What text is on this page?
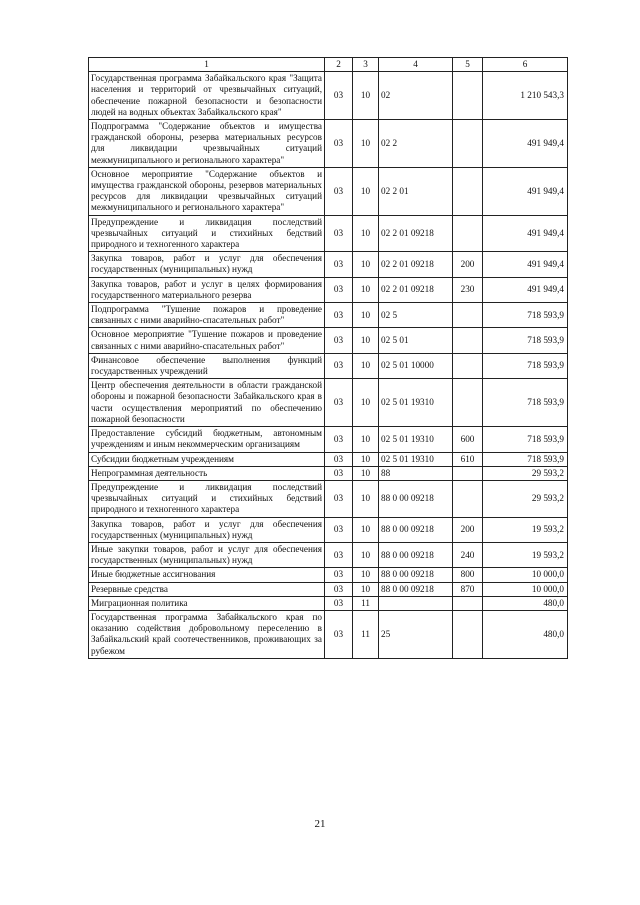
1	2	3	4	5	6
Государственная программа Забайкальского края "Защита населения и территорий от чрезвычайных ситуаций, обеспечение пожарной безопасности и безопасности людей на водных объектах Забайкальского края"	03	10	02		1 210 543,3
Подпрограмма "Содержание объектов и имущества гражданской обороны, резерва материальных ресурсов для ликвидации чрезвычайных ситуаций межмуниципального и регионального характера"	03	10	02 2		491 949,4
Основное мероприятие "Содержание объектов и имущества гражданской обороны, резервов материальных ресурсов для ликвидации чрезвычайных ситуаций межмуниципального и регионального характера"	03	10	02 2 01		491 949,4
Предупреждение и ликвидация последствий чрезвычайных ситуаций и стихийных бедствий природного и техногенного характера	03	10	02 2 01 09218		491 949,4
Закупка товаров, работ и услуг для обеспечения государственных (муниципальных) нужд	03	10	02 2 01 09218	200	491 949,4
Закупка товаров, работ и услуг в целях формирования государственного материального резерва	03	10	02 2 01 09218	230	491 949,4
Подпрограмма "Тушение пожаров и проведение связанных с ними аварийно-спасательных работ"	03	10	02 5		718 593,9
Основное мероприятие "Тушение пожаров и проведение связанных с ними аварийно-спасательных работ"	03	10	02 5 01		718 593,9
Финансовое обеспечение выполнения функций государственных учреждений	03	10	02 5 01 10000		718 593,9
Центр обеспечения деятельности в области гражданской обороны и пожарной безопасности Забайкальского края в части осуществления мероприятий по обеспечению пожарной безопасности	03	10	02 5 01 19310		718 593,9
Предоставление субсидий бюджетным, автономным учреждениям и иным некоммерческим организациям	03	10	02 5 01 19310	600	718 593,9
Субсидии бюджетным учреждениям	03	10	02 5 01 19310	610	718 593,9
Непрограммная деятельность	03	10	88		29 593,2
Предупреждение и ликвидация последствий чрезвычайных ситуаций и стихийных бедствий природного и техногенного характера	03	10	88 0 00 09218		29 593,2
Закупка товаров, работ и услуг для обеспечения государственных (муниципальных) нужд	03	10	88 0 00 09218	200	19 593,2
Иные закупки товаров, работ и услуг для обеспечения государственных (муниципальных) нужд	03	10	88 0 00 09218	240	19 593,2
Иные бюджетные ассигнования	03	10	88 0 00 09218	800	10 000,0
Резервные средства	03	10	88 0 00 09218	870	10 000,0
Миграционная политика	03	11			480,0
Государственная программа Забайкальского края по оказанию содействия добровольному переселению в Забайкальский край соотечественников, проживающих за рубежом	03	11	25		480,0
21
